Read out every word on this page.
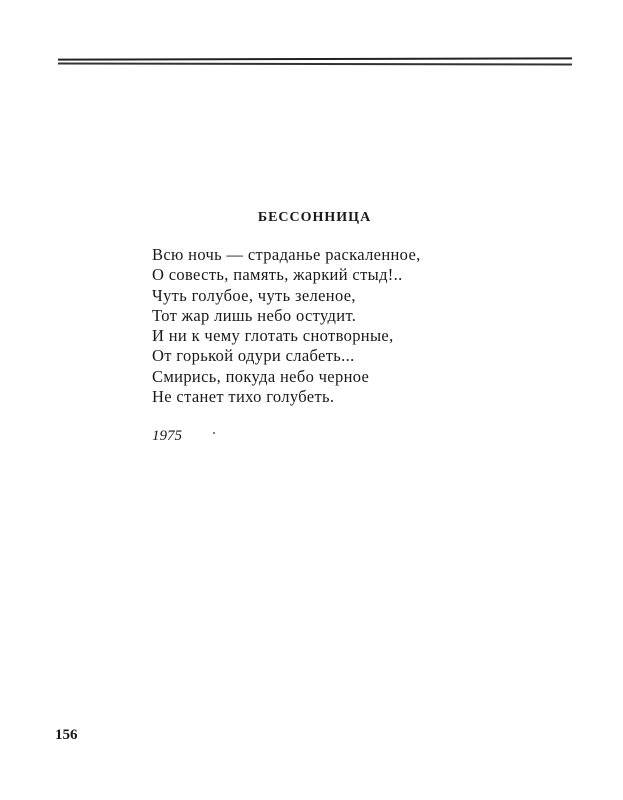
БЕССОННИЦА
Всю ночь — страданье раскаленное,
О совесть, память, жаркий стыд!..
Чуть голубое, чуть зеленое,
Тот жар лишь небо остудит.
И ни к чему глотать снотворные,
От горькой одури слабеть...
Смирись, покуда небо черное
Не станет тихо голубеть.
1975
156
